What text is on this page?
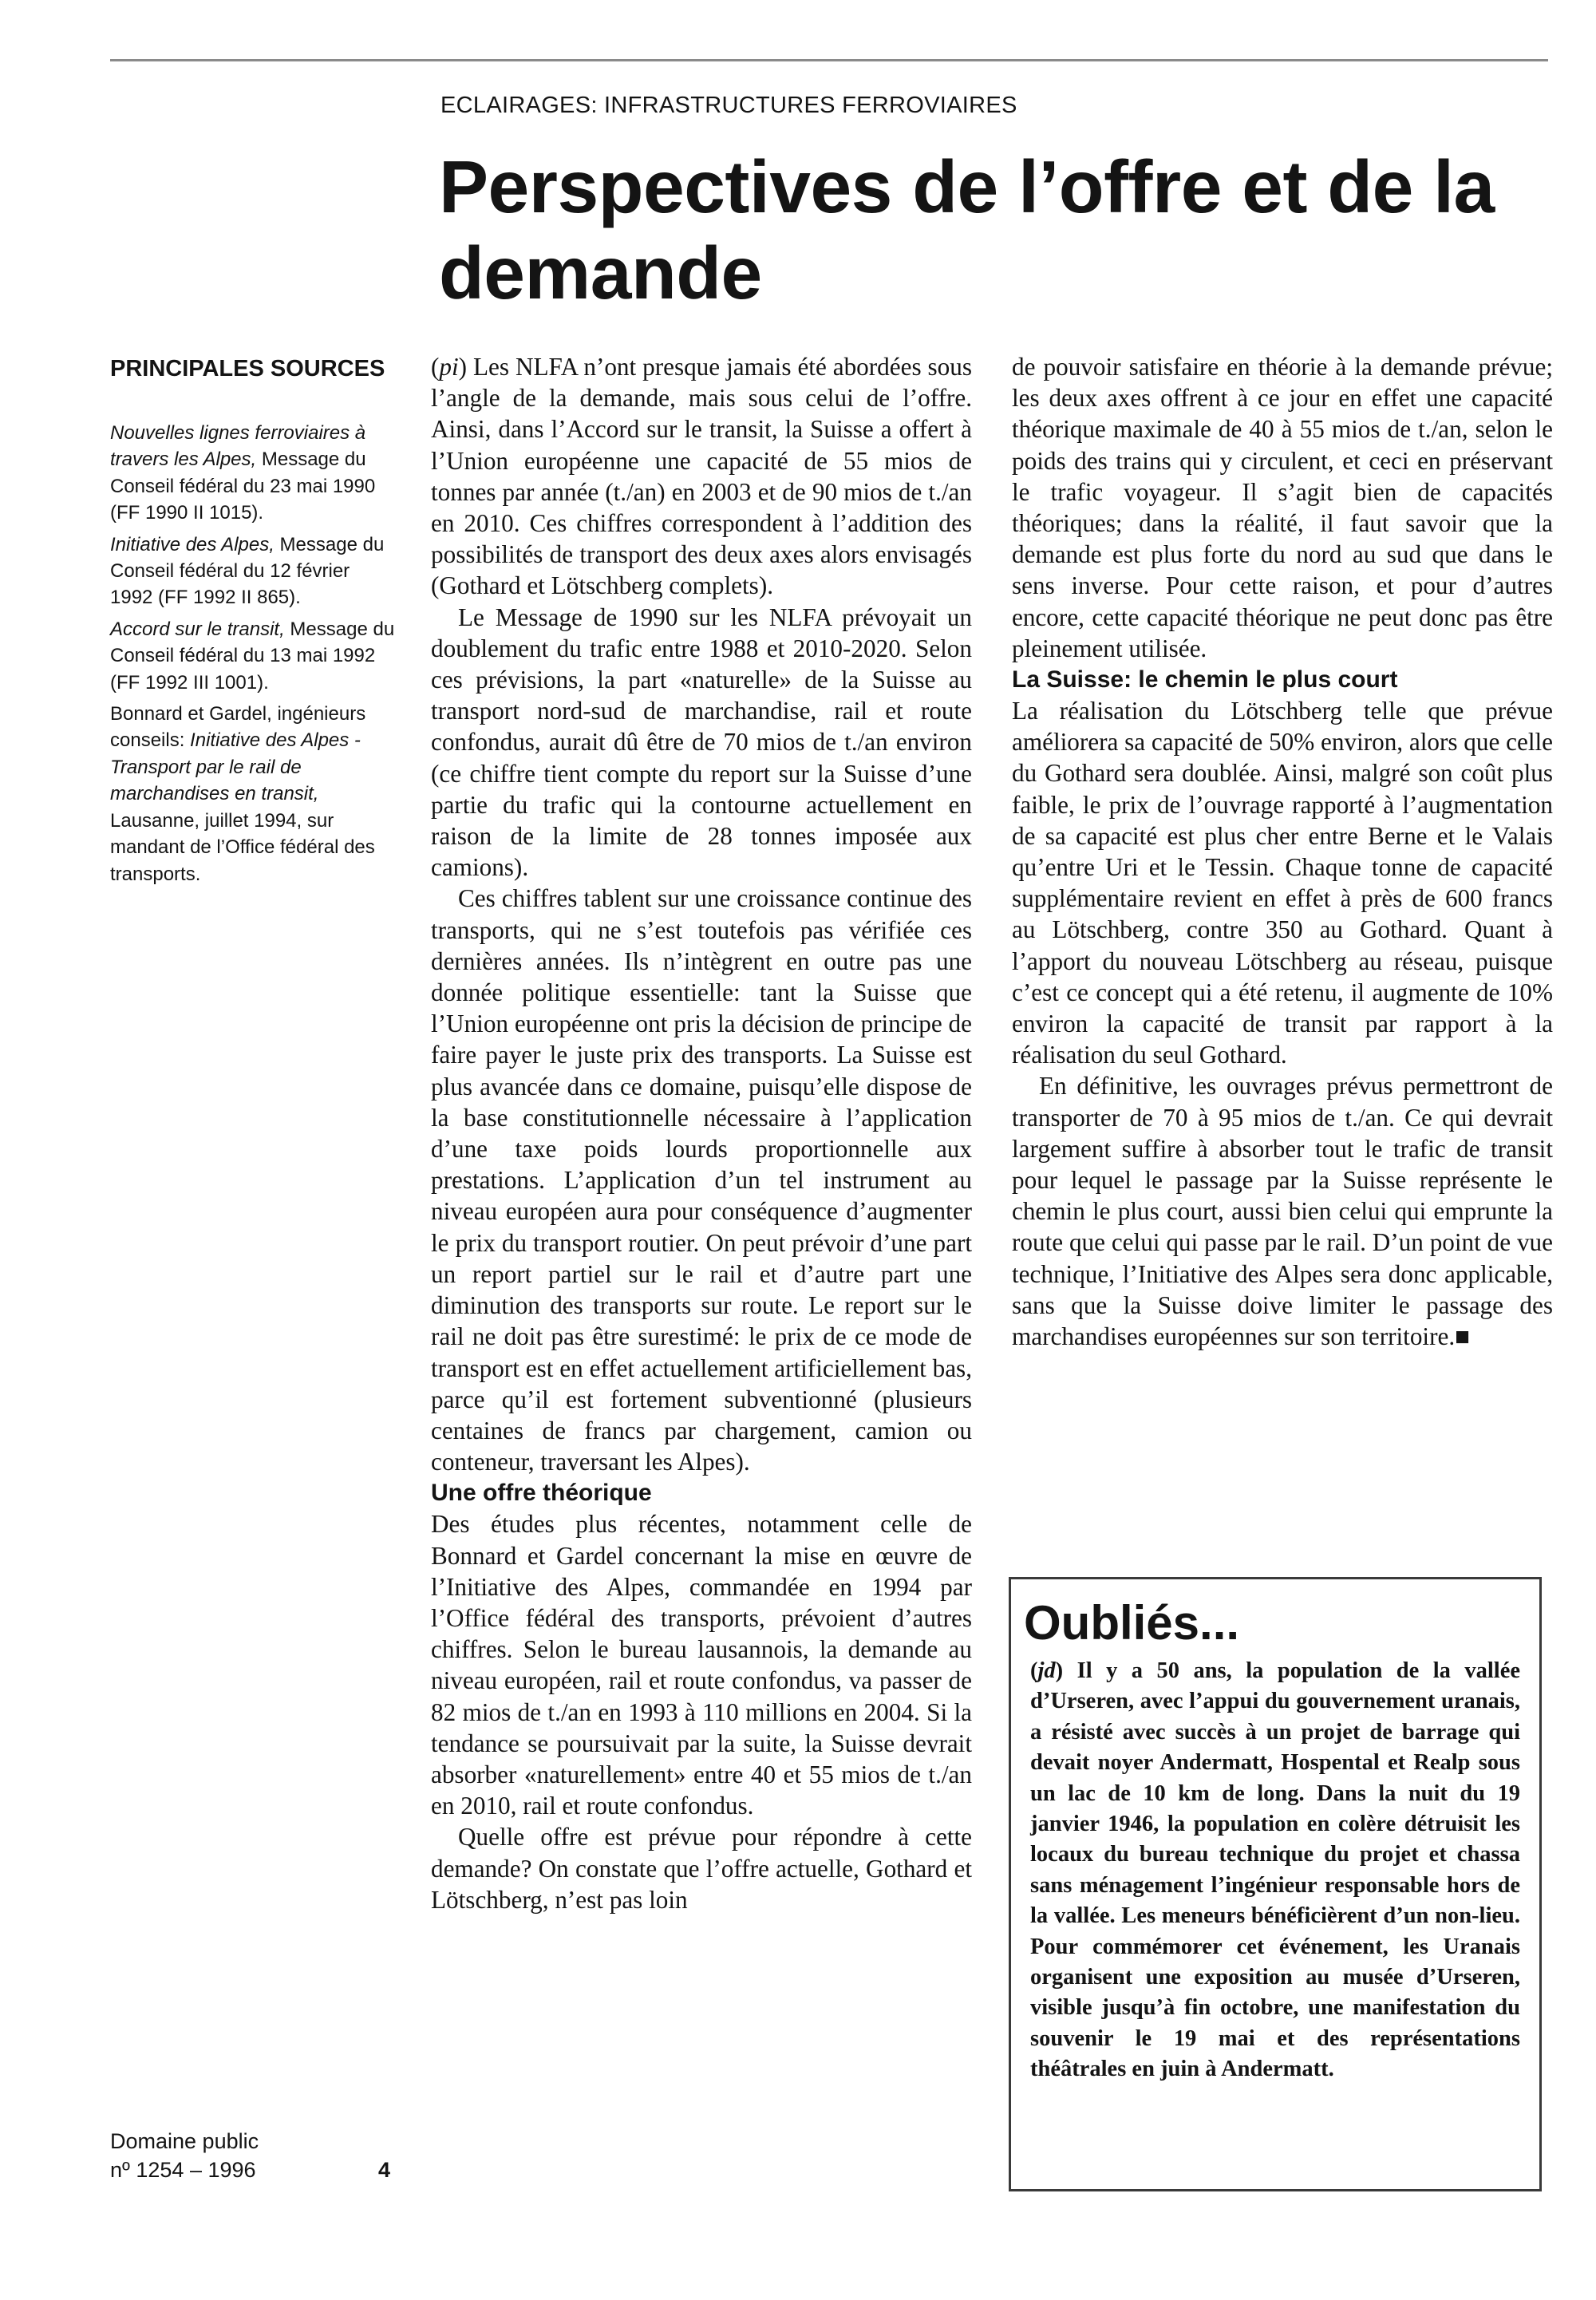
ECLAIRAGES: INFRASTRUCTURES FERROVIAIRES
Perspectives de l’offre et de la demande

PRINCIPALES SOURCES

Nouvelles lignes ferroviaires à travers les Alpes, Message du Conseil fédéral du 23 mai 1990 (FF 1990 II 1015).

Initiative des Alpes, Message du Conseil fédéral du 12 février 1992 (FF 1992 II 865).

Accord sur le transit, Message du Conseil fédéral du 13 mai 1992 (FF 1992 III 1001).

Bonnard et Gardel, ingénieurs conseils: Initiative des Alpes - Transport par le rail de marchandises en transit, Lausanne, juillet 1994, sur mandant de l’Office fédéral des transports.

Domaine public
nº 1254 – 1996	4

(pi) Les NLFA n’ont presque jamais été abordées sous l’angle de la demande, mais sous celui de l’offre. Ainsi, dans l’Accord sur le transit, la Suisse a offert à l’Union européenne une capacité de 55 mios de tonnes par année (t./an) en 2003 et de 90 mios de t./an en 2010. Ces chiffres correspondent à l’addition des possibilités de transport des deux axes alors envisagés (Gothard et Lötschberg complets).

Le Message de 1990 sur les NLFA prévoyait un doublement du trafic entre 1988 et 2010-2020. Selon ces prévisions, la part «naturelle» de la Suisse au transport nord-sud de marchandise, rail et route confondus, aurait dû être de 70 mios de t./an environ (ce chiffre tient compte du report sur la Suisse d’une partie du trafic qui la contourne actuellement en raison de la limite de 28 tonnes imposée aux camions).

Ces chiffres tablent sur une croissance continue des transports, qui ne s’est toutefois pas vérifiée ces dernières années. Ils n’intègrent en outre pas une donnée politique essentielle: tant la Suisse que l’Union européenne ont pris la décision de principe de faire payer le juste prix des transports. La Suisse est plus avancée dans ce domaine, puisqu’elle dispose de la base constitutionnelle nécessaire à l’application d’une taxe poids lourds proportionnelle aux prestations. L’application d’un tel instrument au niveau européen aura pour conséquence d’augmenter le prix du transport routier. On peut prévoir d’une part un report partiel sur le rail et d’autre part une diminution des transports sur route. Le report sur le rail ne doit pas être surestimé: le prix de ce mode de transport est en effet actuellement artificiellement bas, parce qu’il est fortement subventionné (plusieurs centaines de francs par chargement, camion ou conteneur, traversant les Alpes).

Une offre théorique

Des études plus récentes, notamment celle de Bonnard et Gardel concernant la mise en œuvre de l’Initiative des Alpes, commandée en 1994 par l’Office fédéral des transports, prévoient d’autres chiffres. Selon le bureau lausannois, la demande au niveau européen, rail et route confondus, va passer de 82 mios de t./an en 1993 à 110 millions en 2004. Si la tendance se poursuivait par la suite, la Suisse devrait absorber «naturellement» entre 40 et 55 mios de t./an en 2010, rail et route confondus.

Quelle offre est prévue pour répondre à cette demande? On constate que l’offre actuelle, Gothard et Lötschberg, n’est pas loin

de pouvoir satisfaire en théorie à la demande prévue; les deux axes offrent à ce jour en effet une capacité théorique maximale de 40 à 55 mios de t./an, selon le poids des trains qui y circulent, et ceci en préservant le trafic voyageur. Il s’agit bien de capacités théoriques; dans la réalité, il faut savoir que la demande est plus forte du nord au sud que dans le sens inverse. Pour cette raison, et pour d’autres encore, cette capacité théorique ne peut donc pas être pleinement utilisée.

La Suisse: le chemin le plus court

La réalisation du Lötschberg telle que prévue améliorera sa capacité de 50% environ, alors que celle du Gothard sera doublée. Ainsi, malgré son coût plus faible, le prix de l’ouvrage rapporté à l’augmentation de sa capacité est plus cher entre Berne et le Valais qu’entre Uri et le Tessin. Chaque tonne de capacité supplémentaire revient en effet à près de 600 francs au Lötschberg, contre 350 au Gothard. Quant à l’apport du nouveau Lötschberg au réseau, puisque c’est ce concept qui a été retenu, il augmente de 10% environ la capacité de transit par rapport à la réalisation du seul Gothard.

En définitive, les ouvrages prévus permettront de transporter de 70 à 95 mios de t./an. Ce qui devrait largement suffire à absorber tout le trafic de transit pour lequel le passage par la Suisse représente le chemin le plus court, aussi bien celui qui emprunte la route que celui qui passe par le rail. D’un point de vue technique, l’Initiative des Alpes sera donc applicable, sans que la Suisse doive limiter le passage des marchandises européennes sur son territoire.■

Oubliés...

(jd) Il y a 50 ans, la population de la vallée d’Urseren, avec l’appui du gouvernement uranais, a résisté avec succès à un projet de barrage qui devait noyer Andermatt, Hospental et Realp sous un lac de 10 km de long. Dans la nuit du 19 janvier 1946, la population en colère détruisit les locaux du bureau technique du projet et chassa sans ménagement l’ingénieur responsable hors de la vallée. Les meneurs bénéficièrent d’un non-lieu. Pour commémorer cet événement, les Uranais organisent une exposition au musée d’Urseren, visible jusqu’à fin octobre, une manifestation du souvenir le 19 mai et des représentations théâtrales en juin à Andermatt.
